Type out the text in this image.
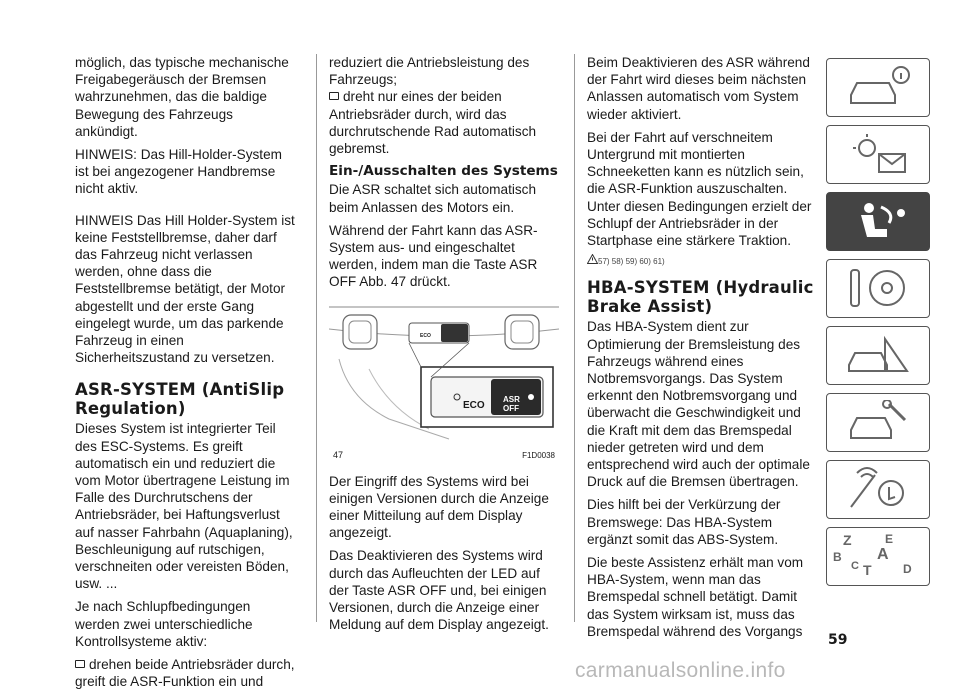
möglich, das typische mechanische Freigabegeräusch der Bremsen wahrzunehmen, das die baldige Bewegung des Fahrzeugs ankündigt.

HINWEIS: Das Hill-Holder-System ist bei angezogener Handbremse nicht aktiv.

HINWEIS Das Hill Holder-System ist keine Feststellbremse, daher darf das Fahrzeug nicht verlassen werden, ohne dass die Feststellbremse betätigt, der Motor abgestellt und der erste Gang eingelegt wurde, um das parkende Fahrzeug in einen Sicherheitszustand zu versetzen.

ASR-SYSTEM (AntiSlip Regulation)

Dieses System ist integrierter Teil des ESC-Systems. Es greift automatisch ein und reduziert die vom Motor übertragene Leistung im Falle des Durchrutschens der Antriebsräder, bei Haftungsverlust auf nasser Fahrbahn (Aquaplaning), Beschleunigung auf rutschigen, verschneiten oder vereisten Böden, usw. ...

Je nach Schlupfbedingungen werden zwei unterschiedliche Kontrollsysteme aktiv:

drehen beide Antriebsräder durch, greift die ASR-Funktion ein und

reduziert die Antriebsleistung des Fahrzeugs;

dreht nur eines der beiden Antriebsräder durch, wird das durchrutschende Rad automatisch gebremst.

Ein-/Ausschalten des Systems

Die ASR schaltet sich automatisch beim Anlassen des Motors ein.

Während der Fahrt kann das ASR-System aus- und eingeschaltet werden, indem man die Taste ASR OFF Abb. 47 drückt.

ECO
ECO
ASR
OFF
47	F1D0038

Der Eingriff des Systems wird bei einigen Versionen durch die Anzeige einer Mitteilung auf dem Display angezeigt.

Das Deaktivieren des Systems wird durch das Aufleuchten der LED auf der Taste ASR OFF und, bei einigen Versionen, durch die Anzeige einer Meldung auf dem Display angezeigt.

Beim Deaktivieren des ASR während der Fahrt wird dieses beim nächsten Anlassen automatisch vom System wieder aktiviert.

Bei der Fahrt auf verschneitem Untergrund mit montierten Schneeketten kann es nützlich sein, die ASR-Funktion auszuschalten. Unter diesen Bedingungen erzielt der Schlupf der Antriebsräder in der Startphase eine stärkere Traktion.

57) 58) 59) 60) 61)
HBA-SYSTEM (Hydraulic Brake Assist)

Das HBA-System dient zur Optimierung der Bremsleistung des Fahrzeugs während eines Notbremsvorgangs. Das System erkennt den Notbremsvorgang und überwacht die Geschwindigkeit und die Kraft mit dem das Bremspedal nieder getreten wird und dem entsprechend wird auch der optimale Druck auf die Bremsen übertragen.

Dies hilft bei der Verkürzung der Bremswege: Das HBA-System ergänzt somit das ABS-System.

Die beste Assistenz erhält man vom HBA-System, wenn man das Bremspedal schnell betätigt. Damit das System wirksam ist, muss das Bremspedal während des Vorgangs

Z	E
A
B
C T	D
59
carmanualsonline.info
